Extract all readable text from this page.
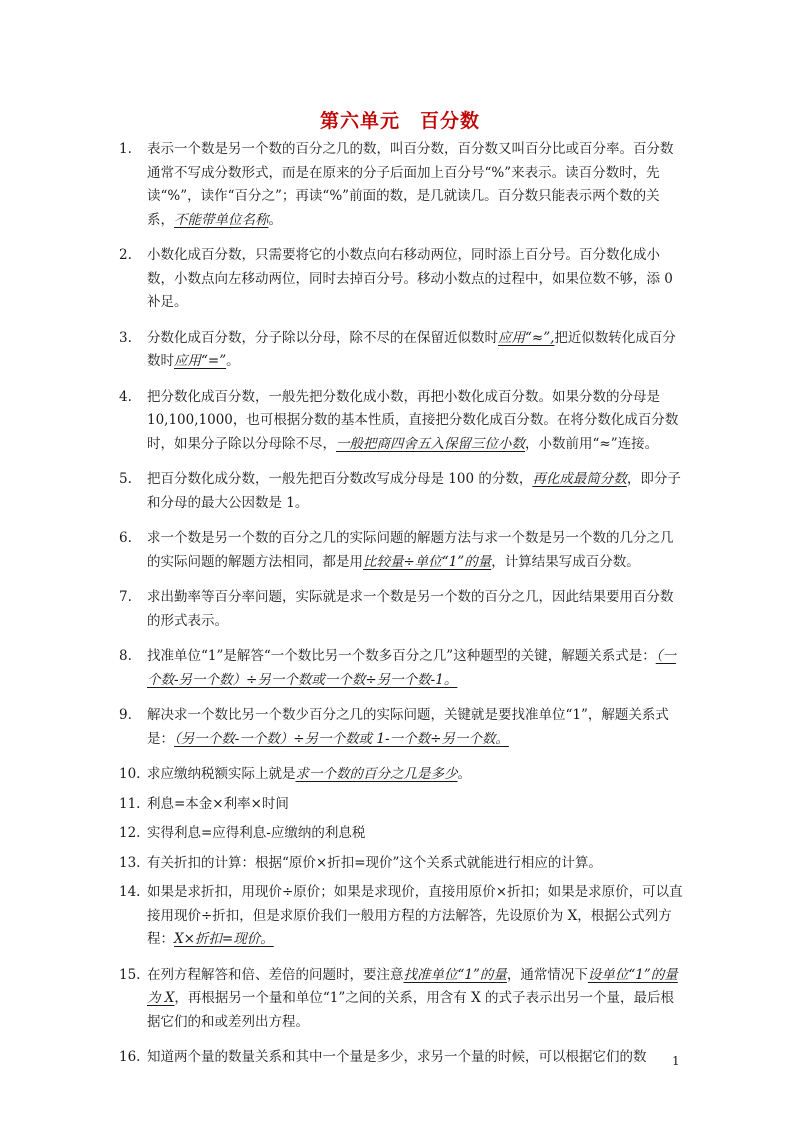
第六单元　百分数
1.	表示一个数是另一个数的百分之几的数，叫百分数，百分数又叫百分比或百分率。百分数通常不写成分数形式，而是在原来的分子后面加上百分号“%”来表示。读百分数时，先读“%”，读作“百分之”；再读“%”前面的数，是几就读几。百分数只能表示两个数的关系，不能带单位名称。
2.	小数化成百分数，只需要将它的小数点向右移动两位，同时添上百分号。百分数化成小数，小数点向左移动两位，同时去掉百分号。移动小数点的过程中，如果位数不够，添 0 补足。
3.	分数化成百分数，分子除以分母，除不尽的在保留近似数时应用“≈”,把近似数转化成百分数时应用“=”。
4.	把分数化成百分数，一般先把分数化成小数，再把小数化成百分数。如果分数的分母是 10,100,1000，也可根据分数的基本性质，直接把分数化成百分数。在将分数化成百分数时，如果分子除以分母除不尽，一般把商四舍五入保留三位小数，小数前用“≈”连接。
5.	把百分数化成分数，一般先把百分数改写成分母是 100 的分数，再化成最简分数，即分子和分母的最大公因数是 1。
6.	求一个数是另一个数的百分之几的实际问题的解题方法与求一个数是另一个数的几分之几的实际问题的解题方法相同，都是用比较量÷单位“1”的量，计算结果写成百分数。
7.	求出勤率等百分率问题，实际就是求一个数是另一个数的百分之几，因此结果要用百分数的形式表示。
8.	找准单位“1”是解答“一个数比另一个数多百分之几”这种题型的关键，解题关系式是：（一个数-另一个数）÷另一个数或一个数÷另一个数-1。
9.	解决求一个数比另一个数少百分之几的实际问题，关键就是要找准单位“1”，解题关系式是：（另一个数-一个数）÷另一个数或 1-一个数÷另一个数。
10. 求应缴纳税额实际上就是求一个数的百分之几是多少。
11. 利息=本金×利率×时间
12. 实得利息=应得利息-应缴纳的利息税
13. 有关折扣的计算：根据“原价×折扣=现价”这个关系式就能进行相应的计算。
14. 如果是求折扣，用现价÷原价；如果是求现价，直接用原价×折扣；如果是求原价，可以直接用现价÷折扣，但是求原价我们一般用方程的方法解答，先设原价为 X，根据公式列方程：X×折扣=现价。
15. 在列方程解答和倍、差倍的问题时，要注意找准单位“1”的量，通常情况下设单位“1”的量为 X，再根据另一个量和单位“1”之间的关系，用含有 X 的式子表示出另一个量，最后根据它们的和或差列出方程。
16. 知道两个量的数量关系和其中一个量是多少，求另一个量的时候，可以根据它们的数	1
